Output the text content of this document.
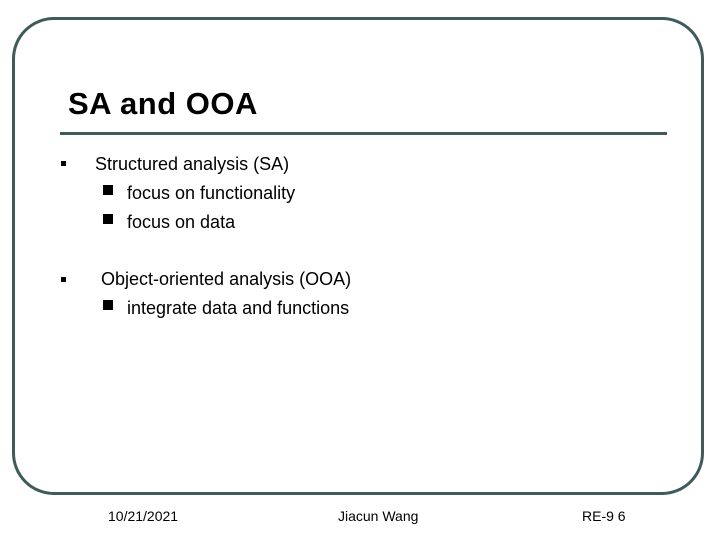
SA and OOA
Structured analysis (SA)
focus on functionality
focus on data
Object-oriented analysis (OOA)
integrate data and functions
10/21/2021	Jiacun Wang	RE-9 6
